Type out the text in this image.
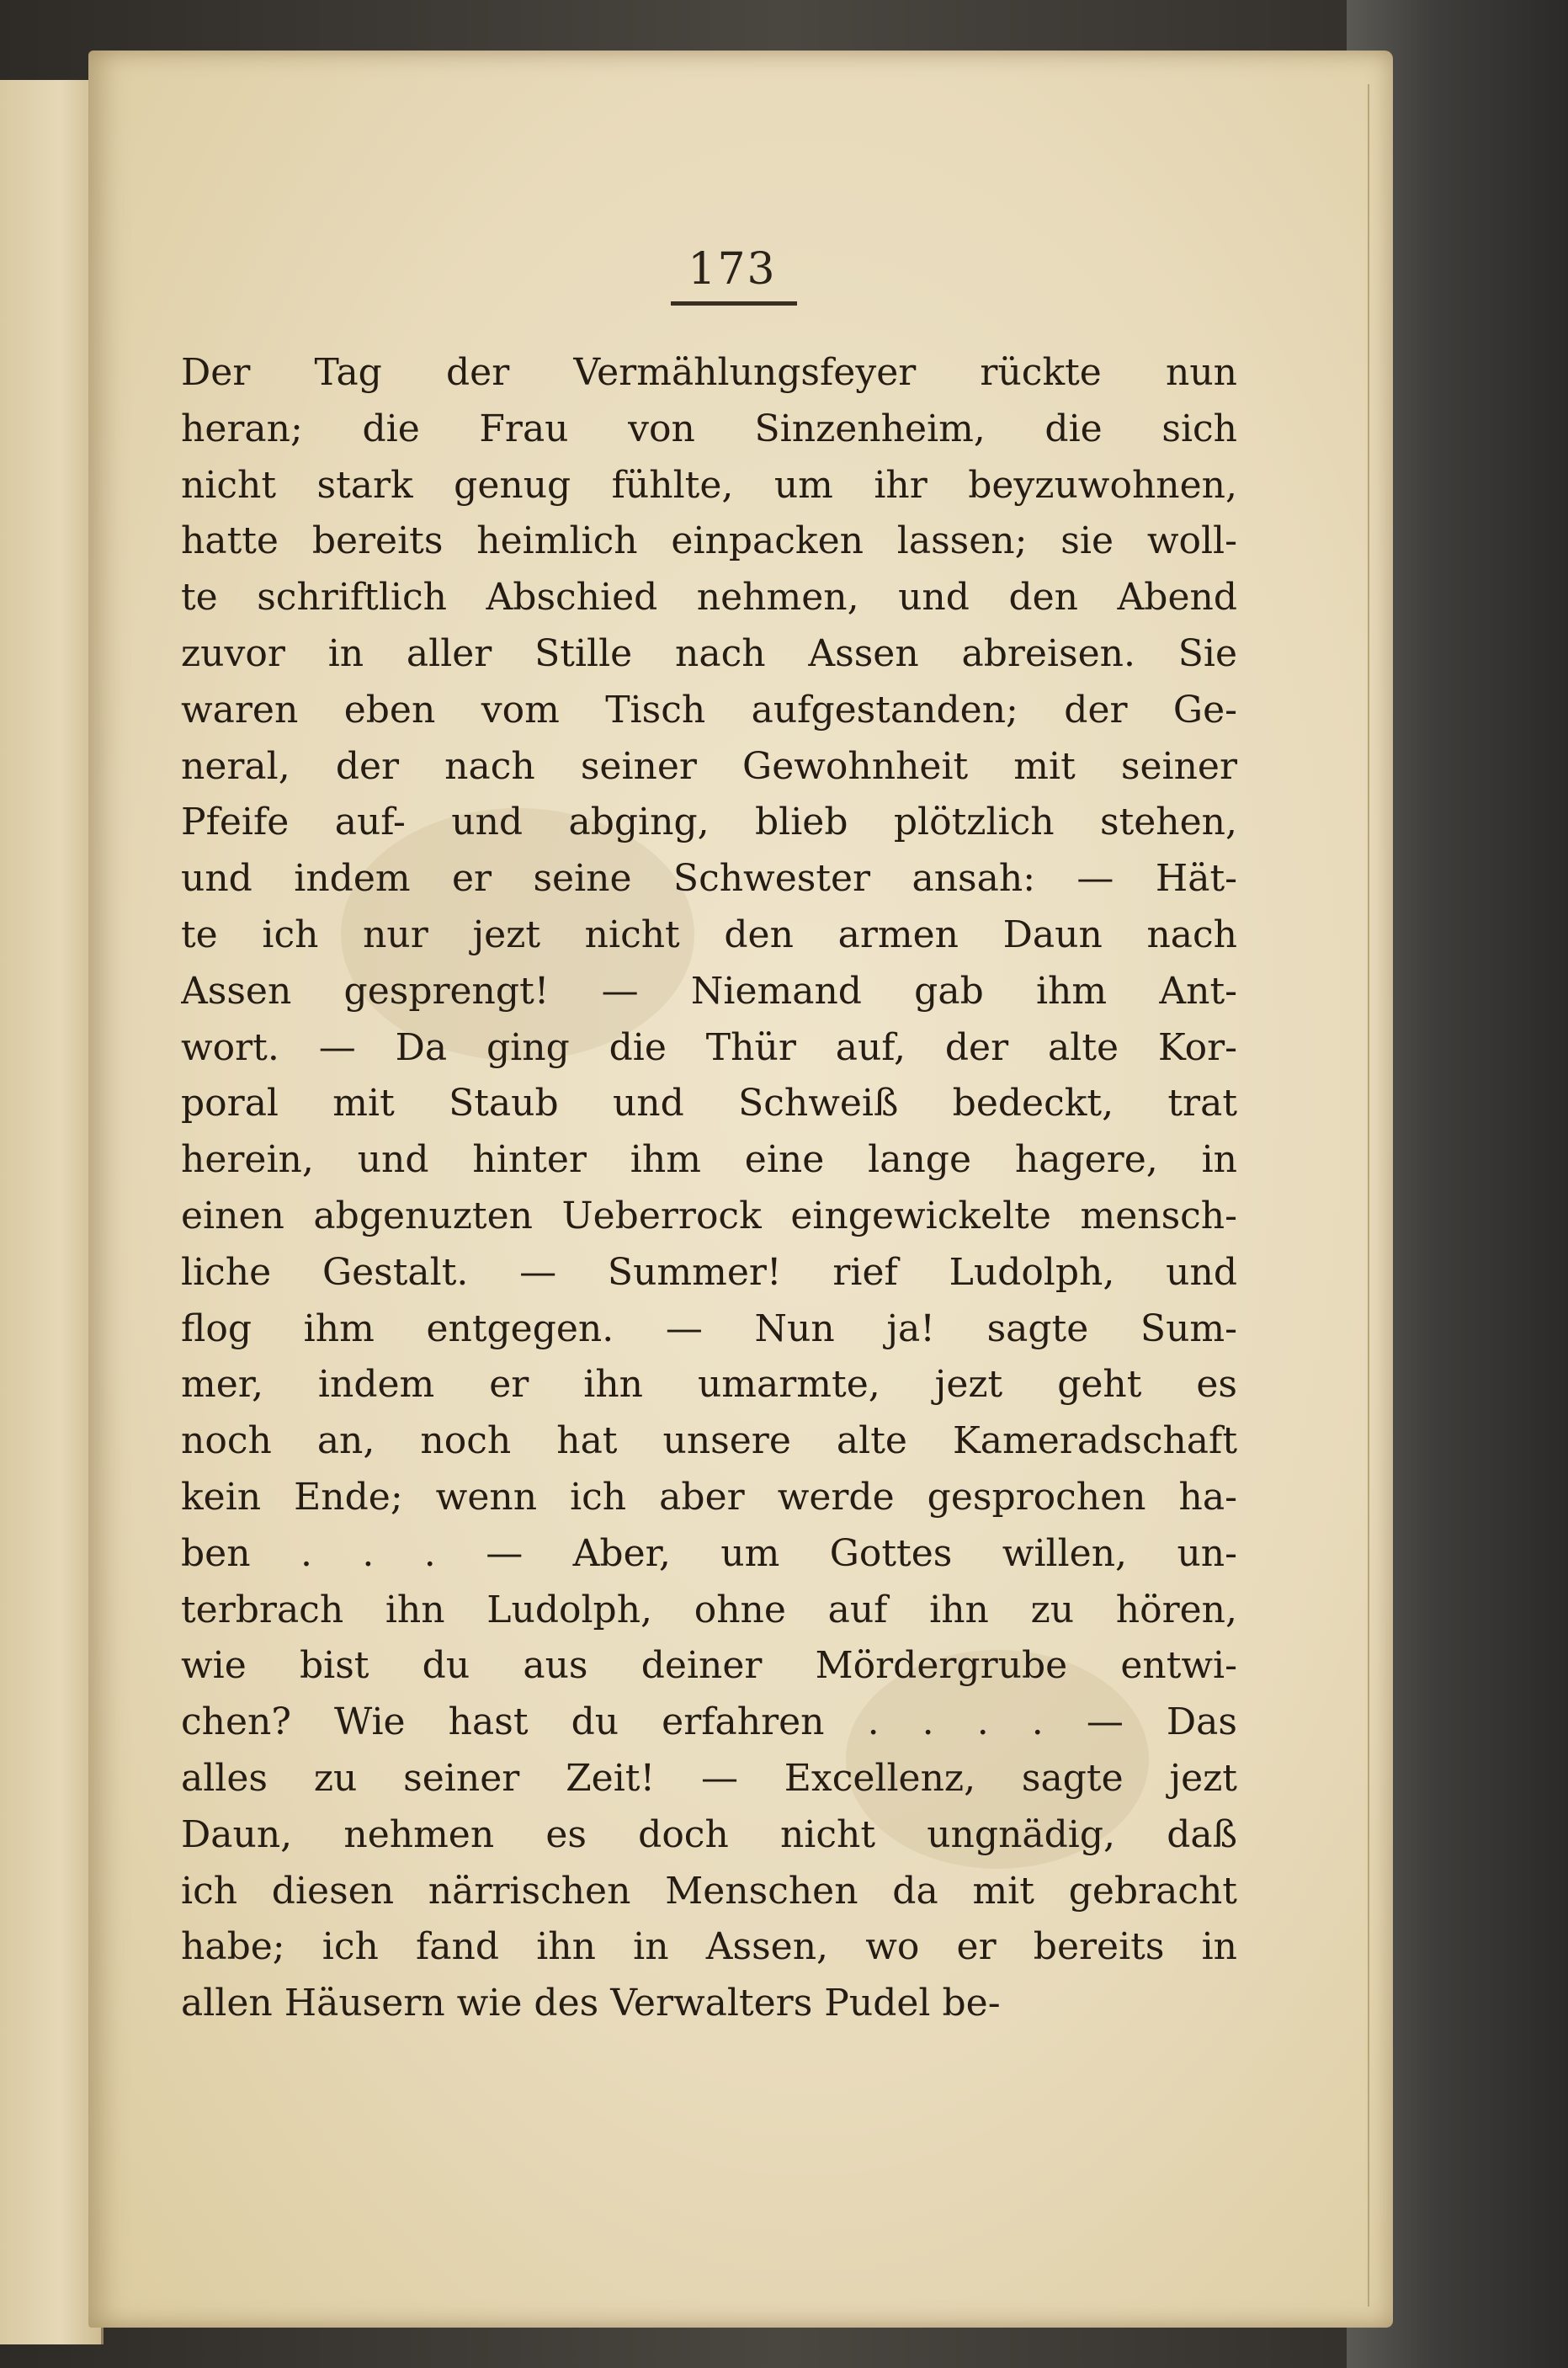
173
Der Tag der Vermählungsfeyer rückte nun
heran; die Frau von Sinzenheim, die sich
nicht stark genug fühlte, um ihr beyzuwohnen,
hatte bereits heimlich einpacken lassen; sie woll-
te schriftlich Abschied nehmen, und den Abend
zuvor in aller Stille nach Assen abreisen. Sie
waren eben vom Tisch aufgestanden; der Ge-
neral, der nach seiner Gewohnheit mit seiner
Pfeife auf- und abging, blieb plötzlich stehen,
und indem er seine Schwester ansah: — Hät-
te ich nur jezt nicht den armen Daun nach
Assen gesprengt! — Niemand gab ihm Ant-
wort. — Da ging die Thür auf, der alte Kor-
poral mit Staub und Schweiß bedeckt, trat
herein, und hinter ihm eine lange hagere, in
einen abgenuzten Ueberrock eingewickelte mensch-
liche Gestalt. — Summer! rief Ludolph, und
flog ihm entgegen. — Nun ja! sagte Sum-
mer, indem er ihn umarmte, jezt geht es
noch an, noch hat unsere alte Kameradschaft
kein Ende; wenn ich aber werde gesprochen ha-
ben . . . — Aber, um Gottes willen, un-
terbrach ihn Ludolph, ohne auf ihn zu hören,
wie bist du aus deiner Mördergrube entwi-
chen? Wie hast du erfahren . . . . — Das
alles zu seiner Zeit! — Excellenz, sagte jezt
Daun, nehmen es doch nicht ungnädig, daß
ich diesen närrischen Menschen da mit gebracht
habe; ich fand ihn in Assen, wo er bereits in
allen Häusern wie des Verwalters Pudel be-
